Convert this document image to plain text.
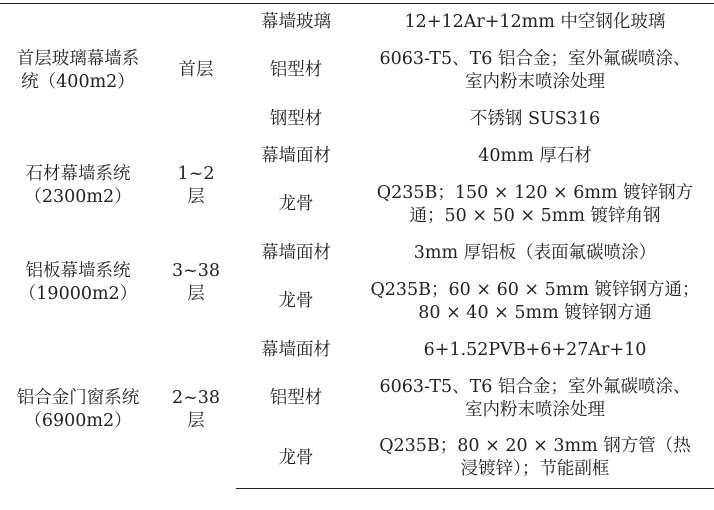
首层玻璃幕墙系
统（400m2）	首层	幕墙玻璃	12+12Ar+12mm 中空钢化玻璃
		铝型材	6063-T5、T6 铝合金；室外氟碳喷涂、
室内粉末喷涂处理
		钢型材	不锈钢 SUS316
石材幕墙系统
（2300m2）	1~2
层	幕墙面材	40mm 厚石材
		龙骨	Q235B；150 × 120 × 6mm 镀锌钢方
通；50 × 50 × 5mm 镀锌角钢
铝板幕墙系统
（19000m2）	3~38
层	幕墙面材	3mm 厚铝板（表面氟碳喷涂）
		龙骨	Q235B；60 × 60 × 5mm 镀锌钢方通；
80 × 40 × 5mm 镀锌钢方通
铝合金门窗系统
（6900m2）	2~38
层	幕墙面材	6+1.52PVB+6+27Ar+10
		铝型材	6063-T5、T6 铝合金；室外氟碳喷涂、
室内粉末喷涂处理
		龙骨	Q235B；80 × 20 × 3mm 钢方管（热
浸镀锌）；节能副框
